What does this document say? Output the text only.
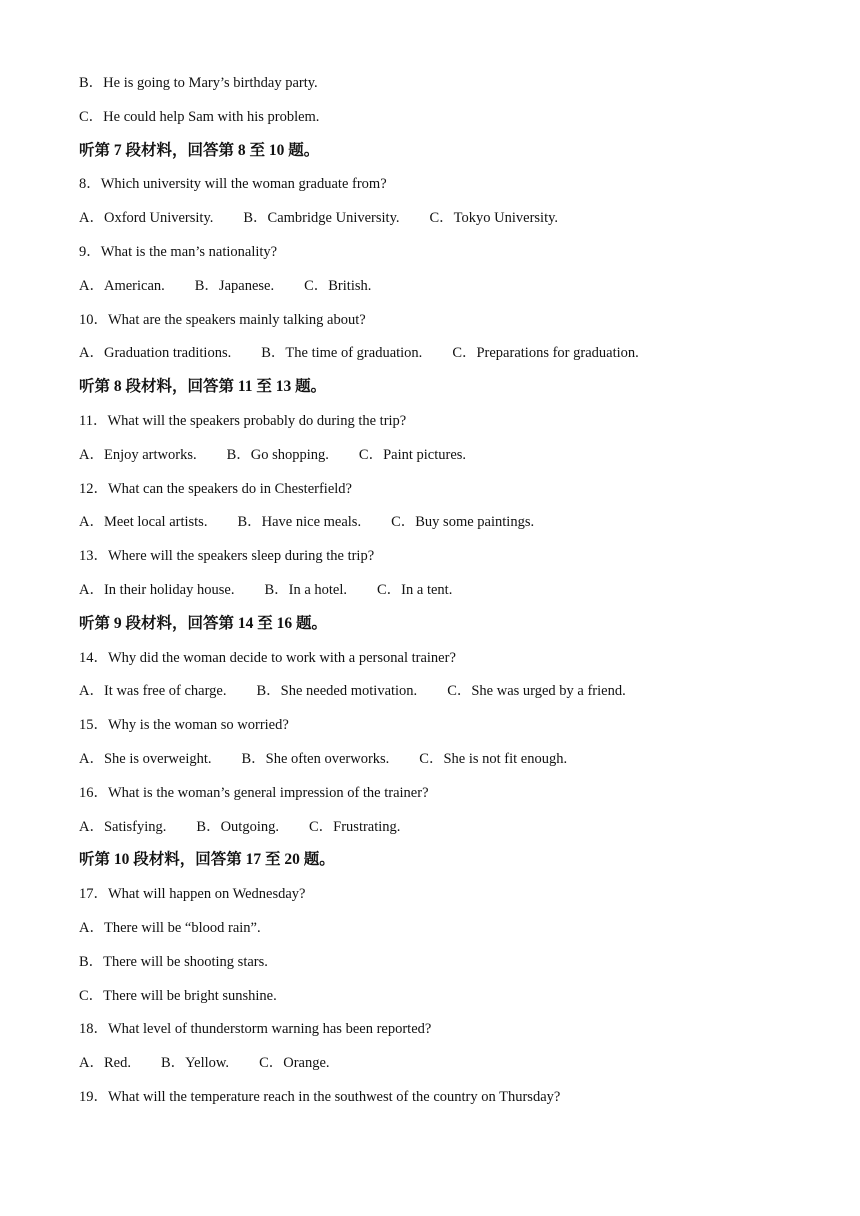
B．He is going to Mary’s birthday party.
C．He could help Sam with his problem.
听第 7 段材料，回答第 8 至 10 题。
8．Which university will the woman graduate from?
A．Oxford University. B．Cambridge University. C．Tokyo University.
9．What is the man’s nationality?
A．American. B．Japanese. C．British.
10．What are the speakers mainly talking about?
A．Graduation traditions. B．The time of graduation. C．Preparations for graduation.
听第 8 段材料，回答第 11 至 13 题。
11．What will the speakers probably do during the trip?
A．Enjoy artworks. B．Go shopping. C．Paint pictures.
12．What can the speakers do in Chesterfield?
A．Meet local artists. B．Have nice meals. C．Buy some paintings.
13．Where will the speakers sleep during the trip?
A．In their holiday house. B．In a hotel. C．In a tent.
听第 9 段材料，回答第 14 至 16 题。
14．Why did the woman decide to work with a personal trainer?
A．It was free of charge. B．She needed motivation. C．She was urged by a friend.
15．Why is the woman so worried?
A．She is overweight. B．She often overworks. C．She is not fit enough.
16．What is the woman’s general impression of the trainer?
A．Satisfying. B．Outgoing. C．Frustrating.
听第 10 段材料，回答第 17 至 20 题。
17．What will happen on Wednesday?
A．There will be “blood rain”.
B．There will be shooting stars.
C．There will be bright sunshine.
18．What level of thunderstorm warning has been reported?
A．Red. B．Yellow. C．Orange.
19．What will the temperature reach in the southwest of the country on Thursday?
